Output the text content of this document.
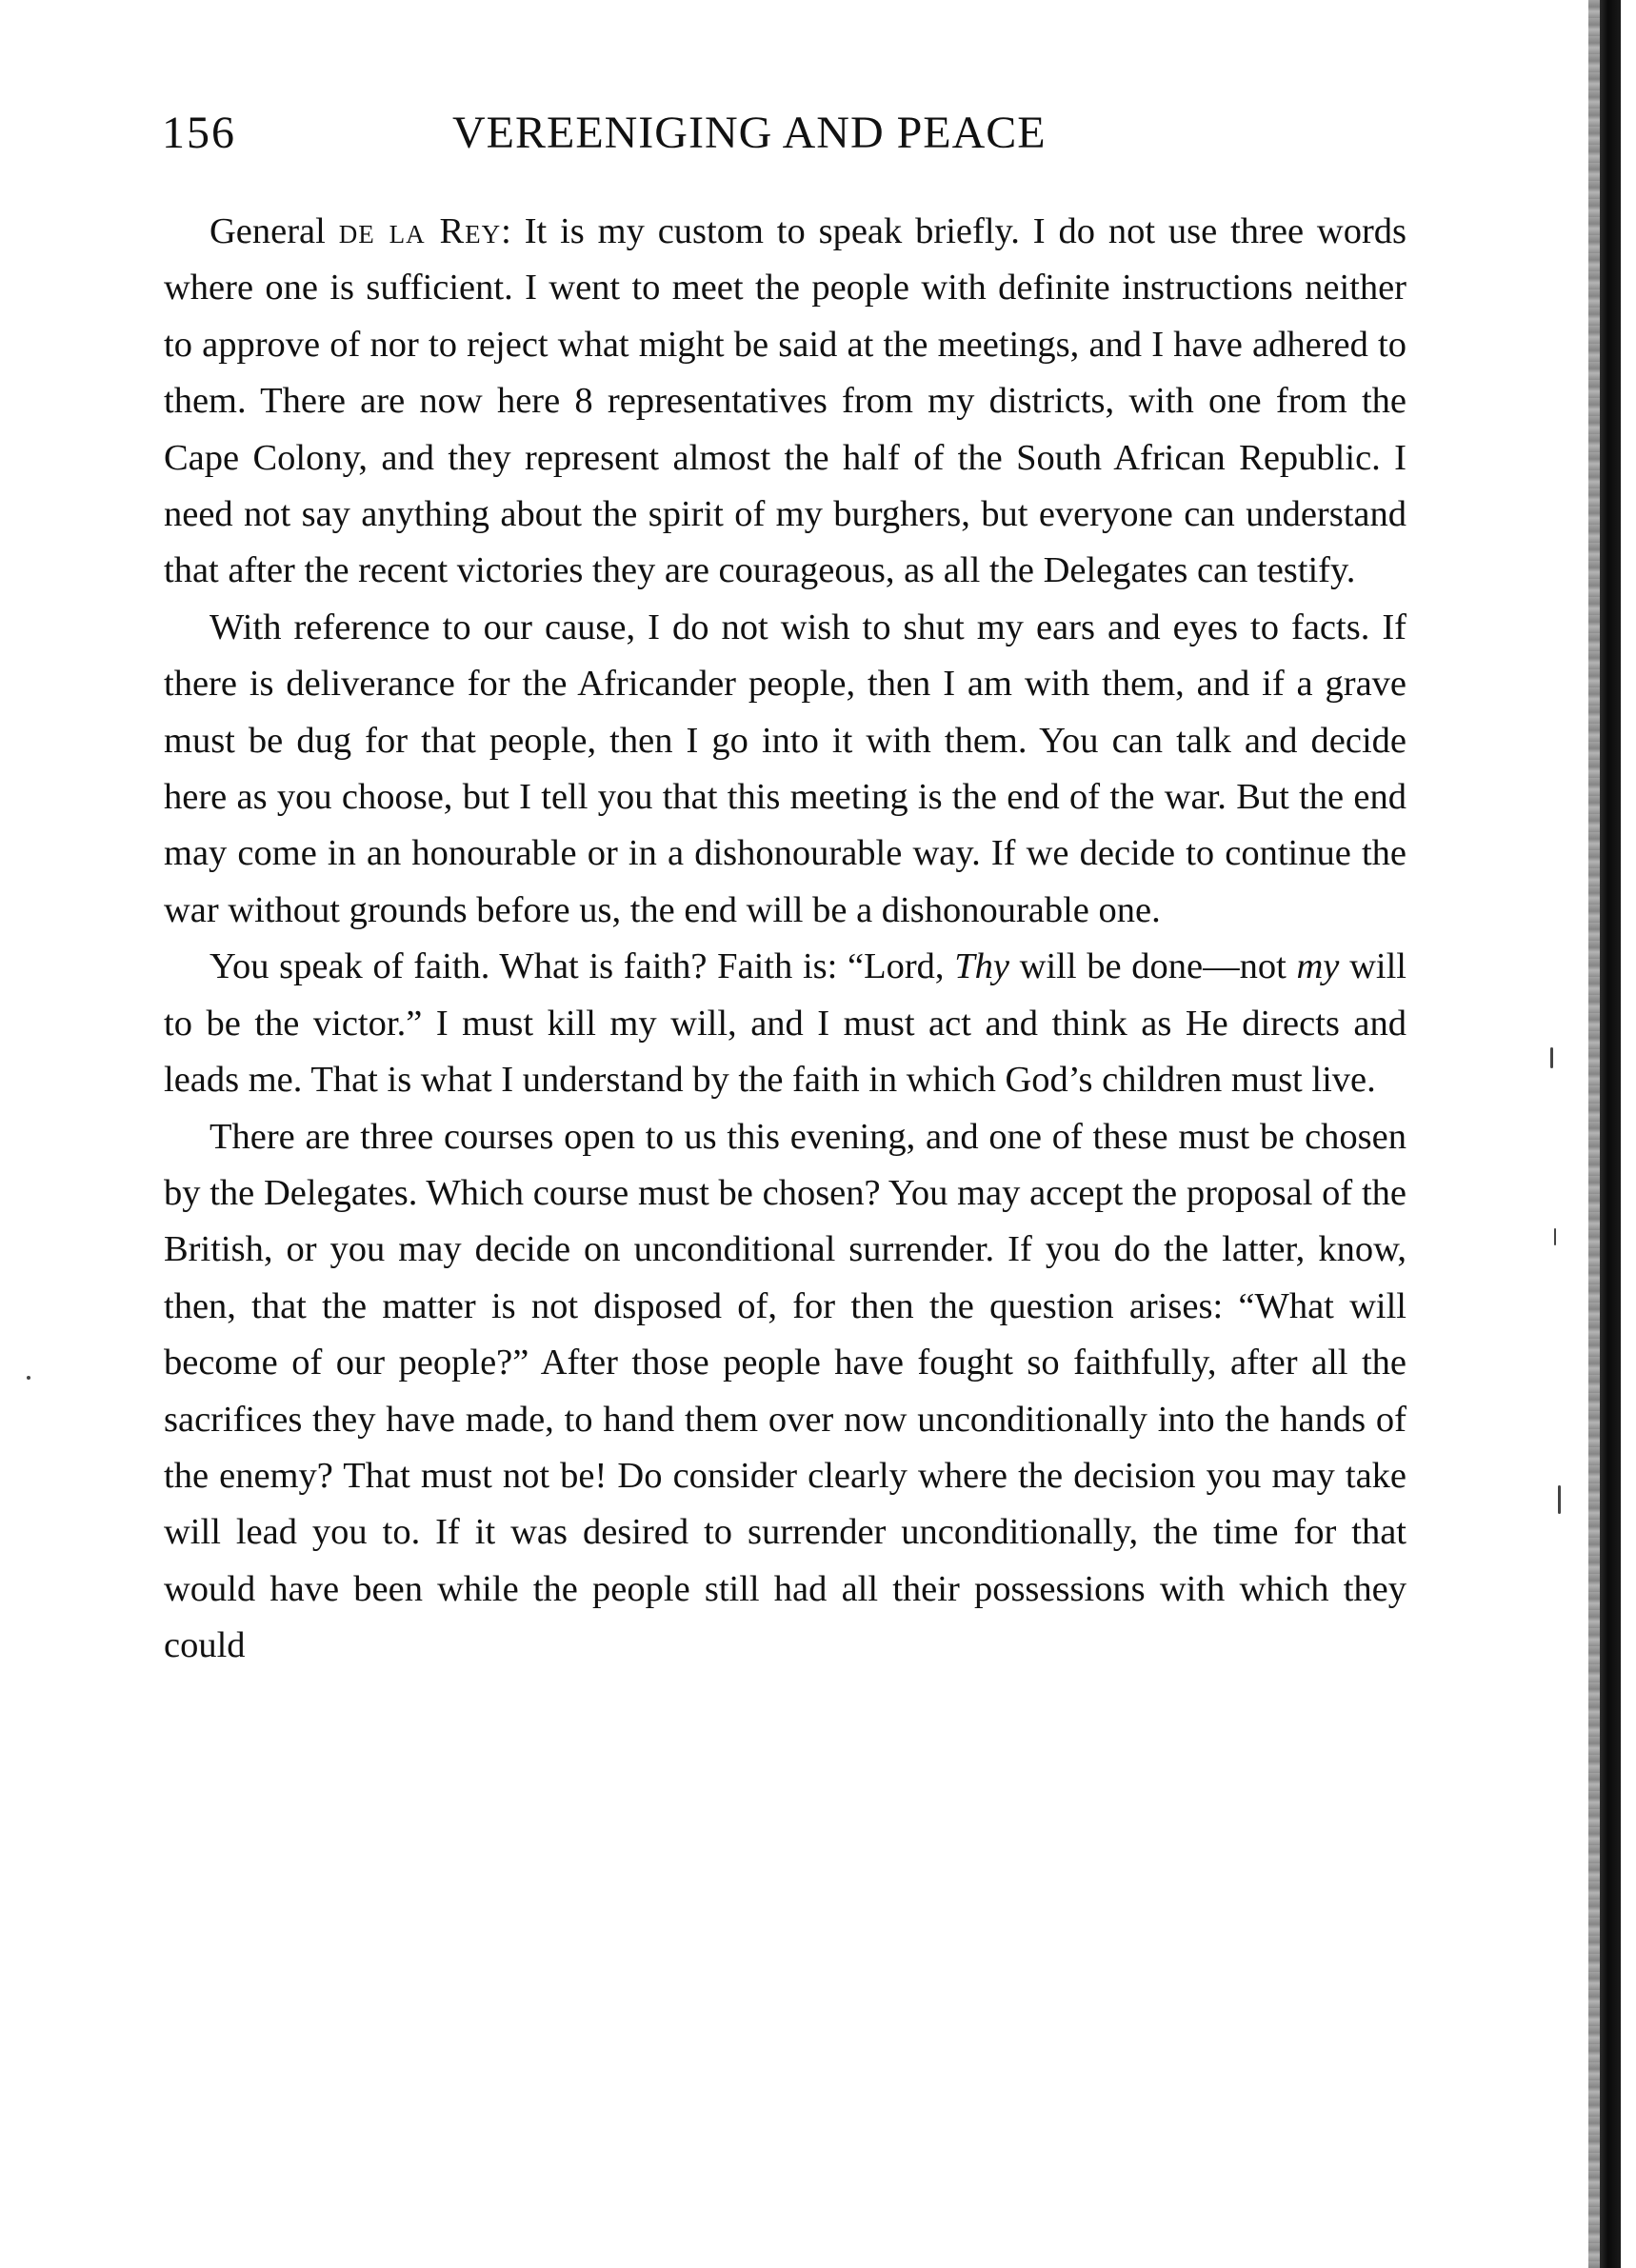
156	VEREENIGING AND PEACE

General de la Rey: It is my custom to speak briefly. I do not use three words where one is sufficient. I went to meet the people with definite instructions neither to approve of nor to reject what might be said at the meetings, and I have adhered to them. There are now here 8 representatives from my districts, with one from the Cape Colony, and they represent almost the half of the South African Republic. I need not say anything about the spirit of my burghers, but everyone can understand that after the recent victories they are courageous, as all the Delegates can testify.

With reference to our cause, I do not wish to shut my ears and eyes to facts. If there is deliverance for the Africander people, then I am with them, and if a grave must be dug for that people, then I go into it with them. You can talk and decide here as you choose, but I tell you that this meeting is the end of the war. But the end may come in an honourable or in a dishonourable way. If we decide to continue the war without grounds before us, the end will be a dishonourable one.

You speak of faith. What is faith? Faith is: “Lord, Thy will be done—not my will to be the victor.” I must kill my will, and I must act and think as He directs and leads me. That is what I understand by the faith in which God’s children must live.

There are three courses open to us this evening, and one of these must be chosen by the Delegates. Which course must be chosen? You may accept the proposal of the British, or you may decide on unconditional surrender. If you do the latter, know, then, that the matter is not disposed of, for then the question arises: “What will become of our people?” After those people have fought so faithfully, after all the sacrifices they have made, to hand them over now unconditionally into the hands of the enemy? That must not be! Do consider clearly where the decision you may take will lead you to. If it was desired to surrender unconditionally, the time for that would have been while the people still had all their possessions with which they could
